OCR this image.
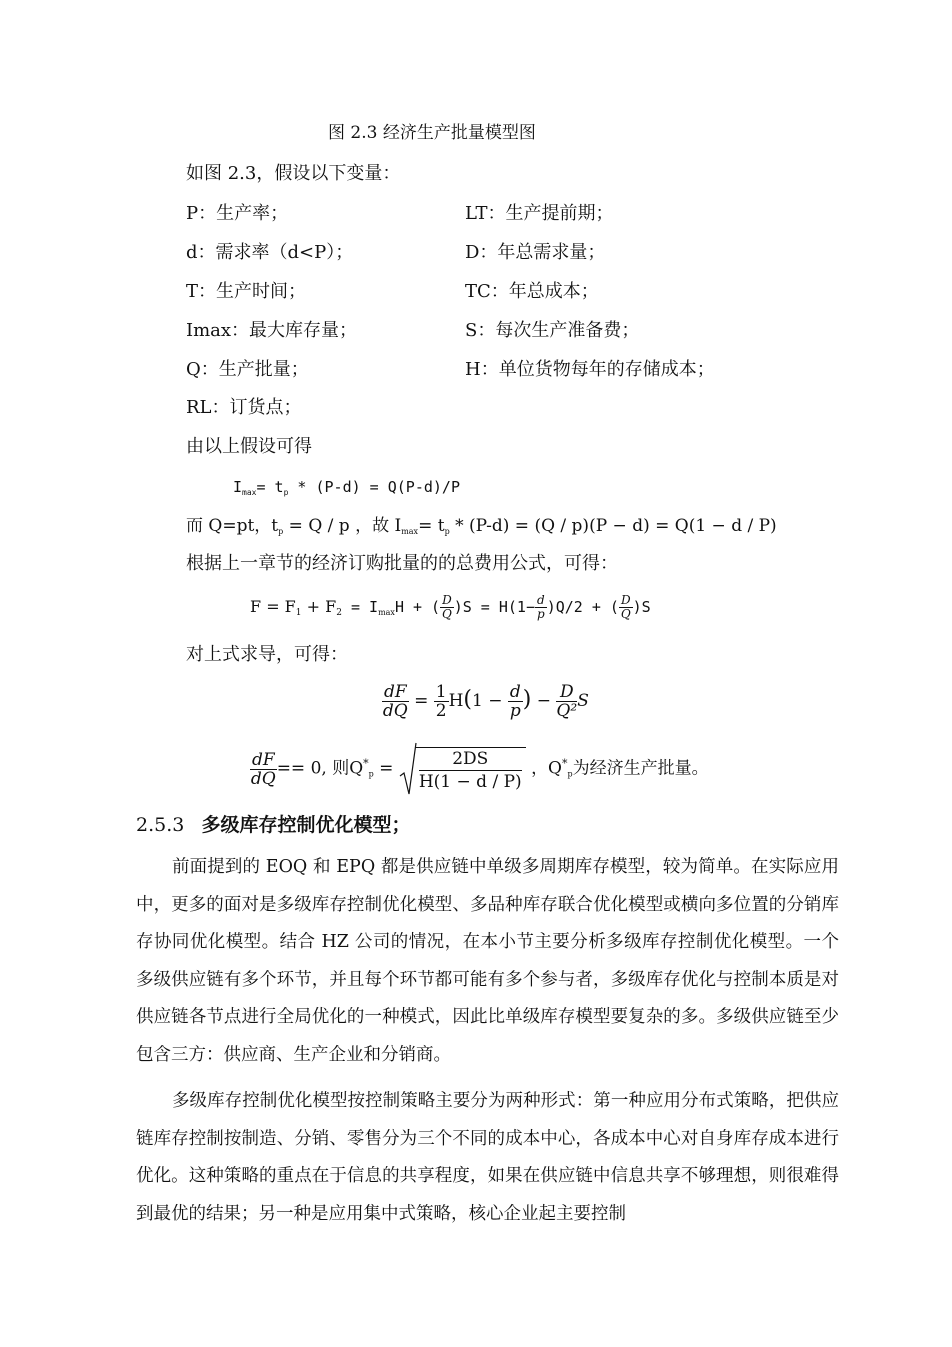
图 2.3 经济生产批量模型图
如图 2.3，假设以下变量：
P：生产率；
d：需求率（d<P）；
T：生产时间；
Imax：最大库存量；
Q：生产批量；
RL：订货点；
LT：生产提前期；
D：年总需求量；
TC：年总成本；
S：每次生产准备费；
H：单位货物每年的存储成本；
由以上假设可得
$I_{max}= t_p * (P-d) = Q(P-d)/P$
而 Q=pt，tp = Q / p ，故 Imax= tp * (P-d) = (Q / p)(P − d) = Q(1 − d / P)
根据上一章节的经济订购批量的的总费用公式，可得：
$F = F_1 + F_2 = ImaxH$ + ( $\frac{D}{Q} )S = H(1- \frac{d}{p} )Q/2$ + ( $\frac{D}{Q} )S$
对上式求导，可得：
$\frac{dF}{dQ} = \frac{1}{2} H(1 - \frac{d}{p}$ ) − $\frac{D}{\text{Q²}}$ S
$\frac{dF}{dQ} == 0$, 则$Q^*p = \frac{2DS}{H(1 - d / P)}$ ，Q*p为经济生产批量。
2.5.3 多级库存控制优化模型；

前面提到的 EOQ 和 EPQ 都是供应链中单级多周期库存模型，较为简单。在实际应用中，更多的面对是多级库存控制优化模型、多品种库存联合优化模型或横向多位置的分销库存协同优化模型。结合 HZ 公司的情况，在本小节主要分析多级库存控制优化模型。一个多级供应链有多个环节，并且每个环节都可能有多个参与者，多级库存优化与控制本质是对供应链各节点进行全局优化的一种模式，因此比单级库存模型要复杂的多。多级供应链至少包含三方：供应商、生产企业和分销商。

多级库存控制优化模型按控制策略主要分为两种形式：第一种应用分布式策略，把供应链库存控制按制造、分销、零售分为三个不同的成本中心，各成本中心对自身库存成本进行优化。这种策略的重点在于信息的共享程度，如果在供应链中信息共享不够理想，则很难得到最优的结果；另一种是应用集中式策略，核心企业起主要控制
